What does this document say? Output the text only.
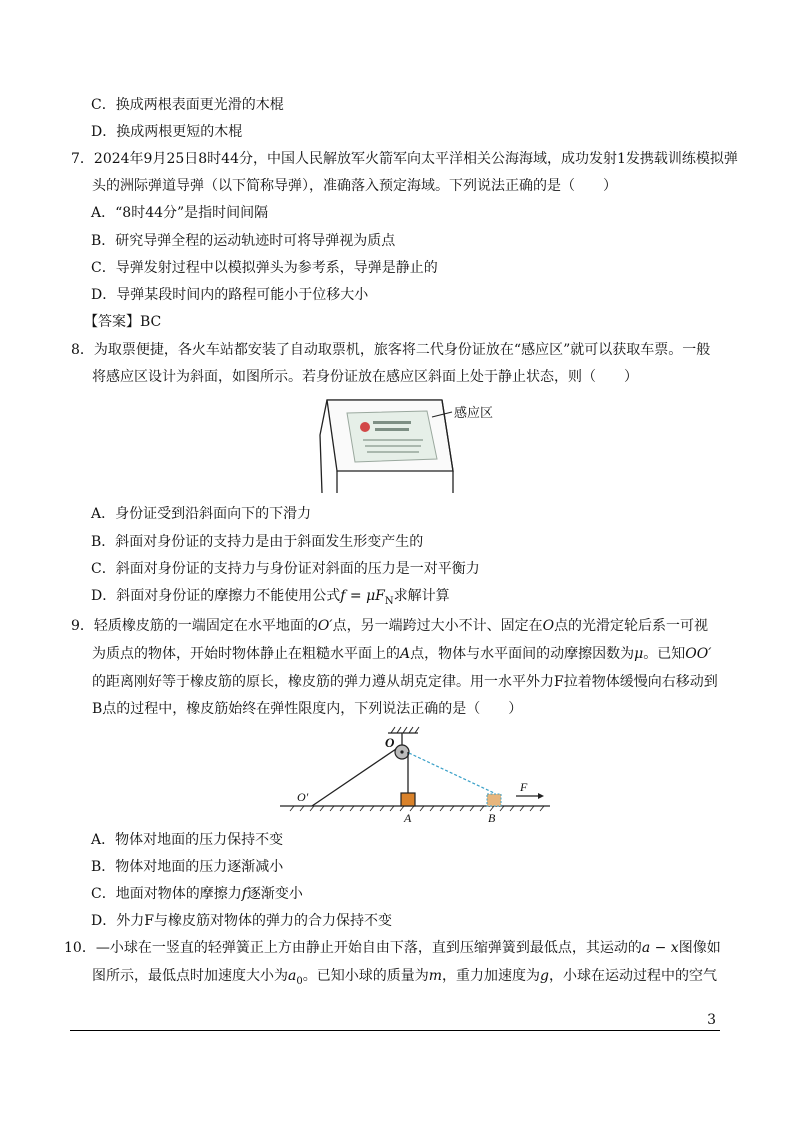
C．换成两根表面更光滑的木棍
D．换成两根更短的木棍
7．2024年9月25日8时44分，中国人民解放军火箭军向太平洋相关公海海域，成功发射1发携载训练模拟弹
头的洲际弹道导弹（以下简称导弹），准确落入预定海域。下列说法正确的是（　　）
A．“8时44分”是指时间间隔
B．研究导弹全程的运动轨迹时可将导弹视为质点
C．导弹发射过程中以模拟弹头为参考系，导弹是静止的
D．导弹某段时间内的路程可能小于位移大小
【答案】BC
8．为取票便捷，各火车站都安装了自动取票机，旅客将二代身份证放在“感应区”就可以获取车票。一般
将感应区设计为斜面，如图所示。若身份证放在感应区斜面上处于静止状态，则（　　）
感应区
A．身份证受到沿斜面向下的下滑力
B．斜面对身份证的支持力是由于斜面发生形变产生的
C．斜面对身份证的支持力与身份证对斜面的压力是一对平衡力
D．斜面对身份证的摩擦力不能使用公式$f = \mu F_N$求解计算
9．轻质橡皮筋的一端固定在水平地面的O′点，另一端跨过大小不计、固定在O点的光滑定轮后系一可视
为质点的物体，开始时物体静止在粗糙水平面上的A点，物体与水平面间的动摩擦因数为μ。已知OO′
的距离刚好等于橡皮筋的原长，橡皮筋的弹力遵从胡克定律。用一水平外力F拉着物体缓慢向右移动到
B点的过程中，橡皮筋始终在弹性限度内，下列说法正确的是（　　）
O
O′
A	B
F
A．物体对地面的压力保持不变
B．物体对地面的压力逐渐减小
C．地面对物体的摩擦力f逐渐变小
D．外力F与橡皮筋对物体的弹力的合力保持不变
10．—小球在一竖直的轻弹簧正上方由静止开始自由下落，直到压缩弹簧到最低点，其运动的a − x图像如
图所示，最低点时加速度大小为$a_0$。已知小球的质量为m，重力加速度为g，小球在运动过程中的空气
3
